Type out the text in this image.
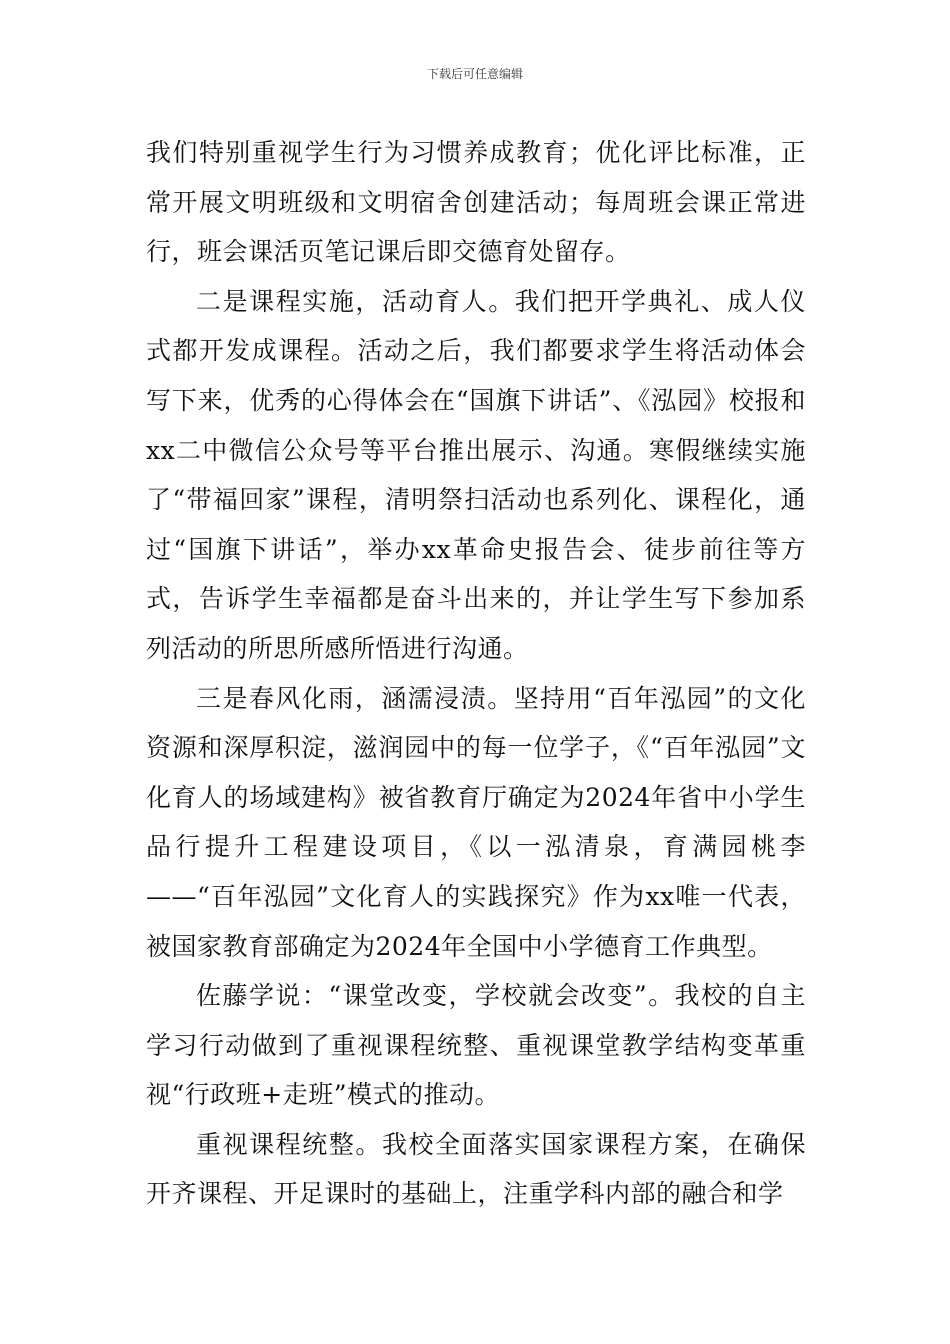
下载后可任意编辑

我们特别重视学生行为习惯养成教育；优化评比标准，正常开展文明班级和文明宿舍创建活动；每周班会课正常进行，班会课活页笔记课后即交德育处留存。

二是课程实施，活动育人。我们把开学典礼、成人仪式都开发成课程。活动之后，我们都要求学生将活动体会写下来，优秀的心得体会在“国旗下讲话”、《泓园》校报和xx二中微信公众号等平台推出展示、沟通。寒假继续实施了“带福回家”课程，清明祭扫活动也系列化、课程化，通过“国旗下讲话”，举办xx革命史报告会、徒步前往等方式，告诉学生幸福都是奋斗出来的，并让学生写下参加系列活动的所思所感所悟进行沟通。

三是春风化雨，涵濡浸渍。坚持用“百年泓园”的文化资源和深厚积淀，滋润园中的每一位学子，《“百年泓园”文化育人的场域建构》被省教育厅确定为2024年省中小学生品行提升工程建设项目，《以一泓清泉，育满园桃李——“百年泓园”文化育人的实践探究》作为xx唯一代表，被国家教育部确定为2024年全国中小学德育工作典型。

佐藤学说：“课堂改变，学校就会改变”。我校的自主学习行动做到了重视课程统整、重视课堂教学结构变革重视“行政班+走班”模式的推动。

重视课程统整。我校全面落实国家课程方案，在确保开齐课程、开足课时的基础上，注重学科内部的融合和学
